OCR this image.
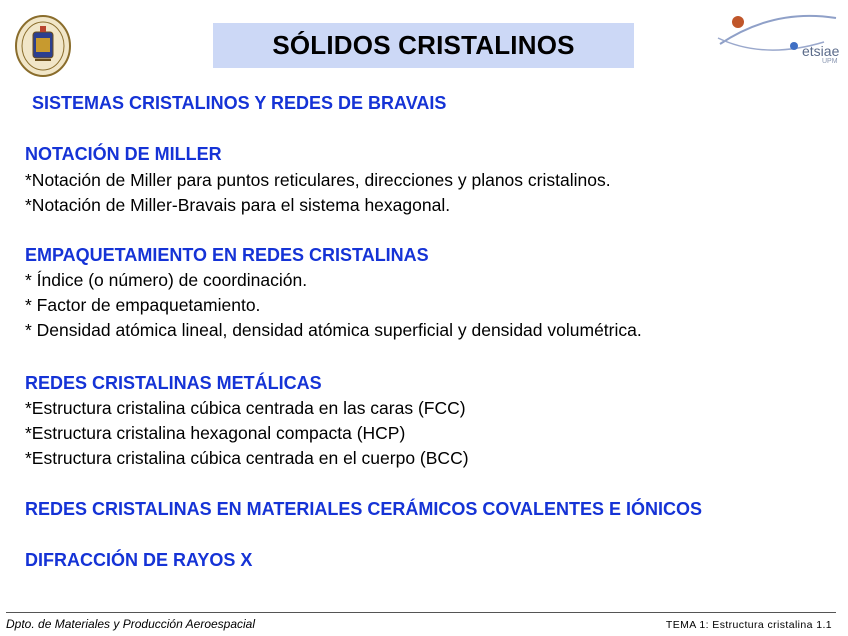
SÓLIDOS CRISTALINOS	etsiae
UPM
SISTEMAS CRISTALINOS Y REDES DE BRAVAIS
NOTACIÓN DE MILLER
*Notación de Miller para puntos reticulares, direcciones y planos cristalinos.
*Notación de Miller-Bravais para el sistema hexagonal.
EMPAQUETAMIENTO EN REDES CRISTALINAS
* Índice (o número) de coordinación.
* Factor de empaquetamiento.
* Densidad atómica lineal, densidad atómica superficial y densidad volumétrica.
REDES CRISTALINAS METÁLICAS
*Estructura cristalina cúbica centrada en las caras (FCC)
*Estructura cristalina hexagonal compacta (HCP)
*Estructura cristalina cúbica centrada en el cuerpo (BCC)
REDES CRISTALINAS EN MATERIALES CERÁMICOS COVALENTES E IÓNICOS
DIFRACCIÓN DE RAYOS X
Dpto. de Materiales y Producción Aeroespacial	TEMA 1: Estructura cristalina 1.1
